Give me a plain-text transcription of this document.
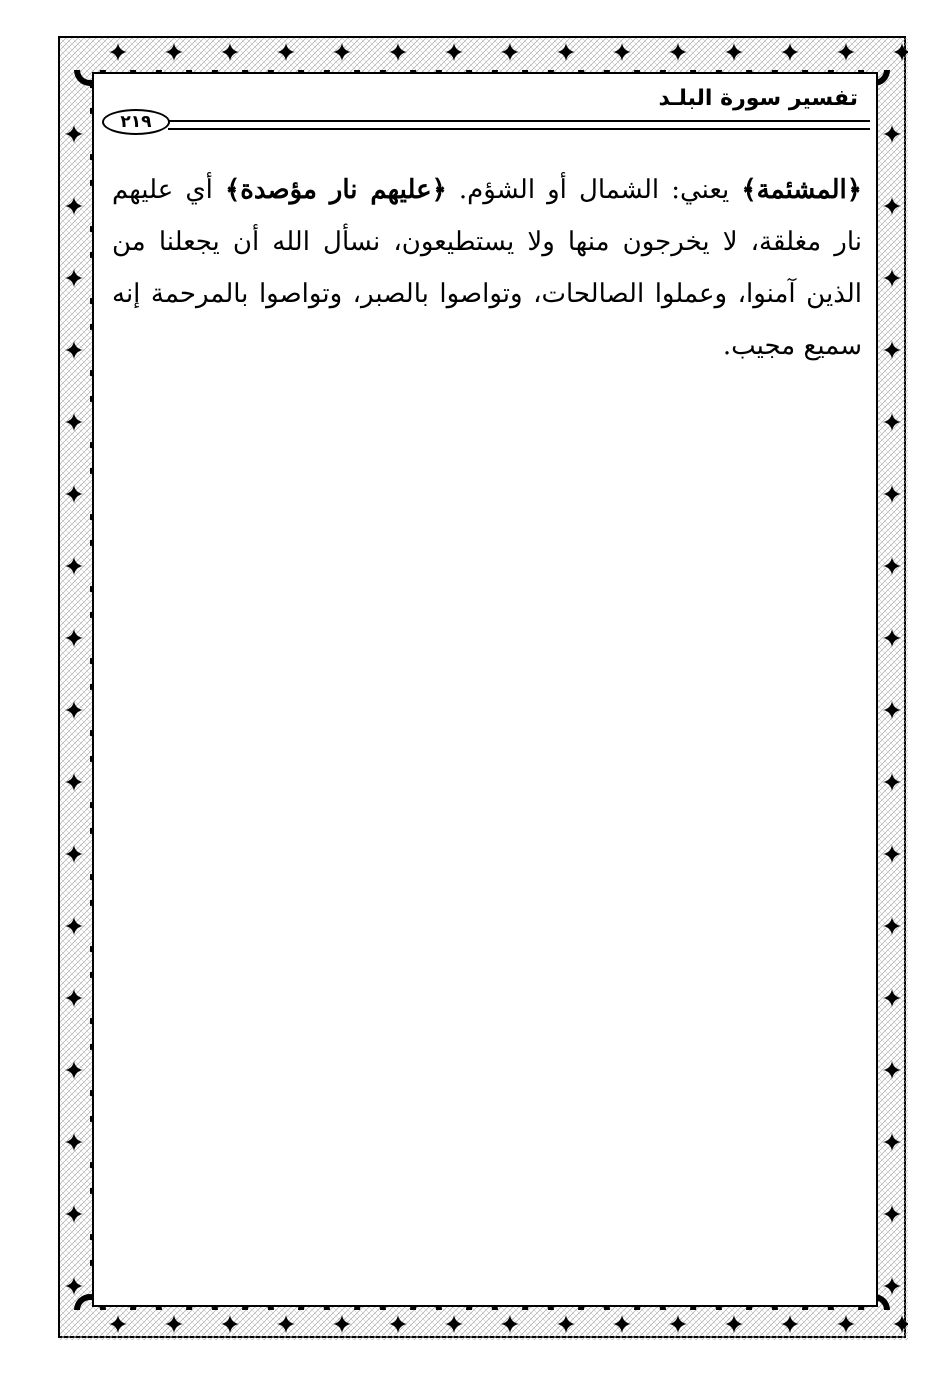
تفسير سورة البلـد
٢١٩

﴿المشئمة﴾ يعني: الشمال أو الشؤم. ﴿عليهم نار مؤصدة﴾ أي عليهم نار مغلقة، لا يخرجون منها ولا يستطيعون، نسأل الله أن يجعلنا من الذين آمنوا، وعملوا الصالحات، وتواصوا بالصبر، وتواصوا بالمرحمة إنه سميع مجيب.
